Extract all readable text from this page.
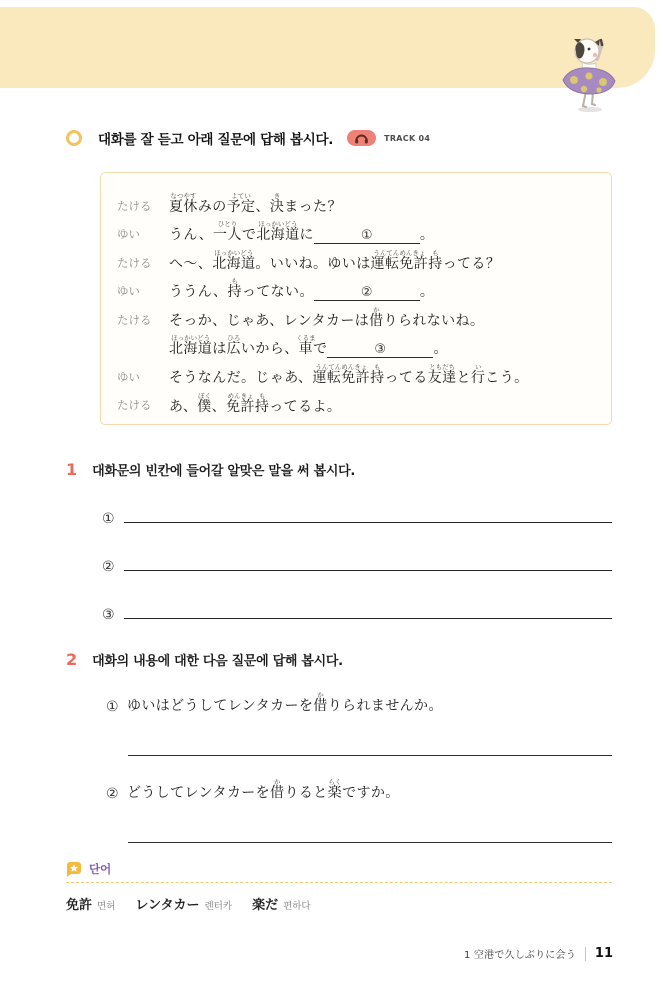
대화를 잘 듣고 아래 질문에 답해 봅시다.	TRACK 04
たける	夏休なつやすみの予定よてい、決きまった？
ゆい	うん、一人ひとりで北海道ほっかいどうに	①	。
たける	へ〜、北海道ほっかいどう。いいね。ゆいは運転免許うんてんめんきょ持もってる？
ゆい	ううん、持もってない。	②	。
たける	そっか、じゃあ、レンタカーは借かりられないね。
北海道ほっかいどうは広ひろいから、車くるまで	③	。
ゆい	そうなんだ。じゃあ、運転免許うんてんめんきょ持もってる友達ともだちと行いこう。
たける	あ、僕ぼく、免許めんきょ持もってるよ。
1 대화문의 빈칸에 들어갈 알맞은 말을 써 봅시다.
①
②
③
2 대화의 내용에 대한 다음 질문에 답해 봅시다.
① ゆいはどうしてレンタカーを借かりられませんか。
② どうしてレンタカーを借かりると楽らくですか。
단어
免許 면허 レンタカー 렌터카 楽だ 편하다
1 空港で久しぶりに会う 11
